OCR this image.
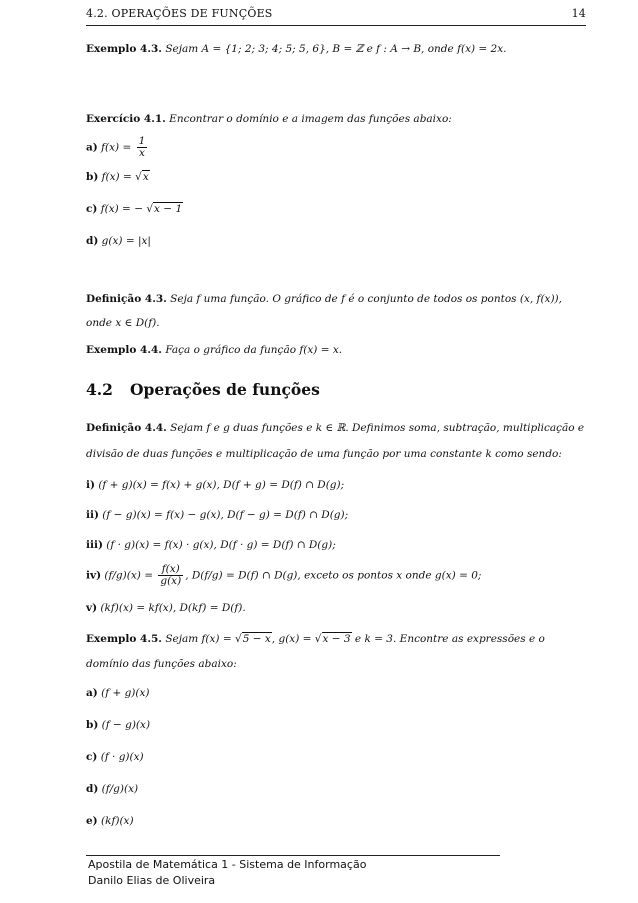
4.2. OPERAÇÕES DE FUNÇÕES	14
Exemplo 4.3. Sejam A = {1; 2; 3; 4; 5; 5, 6}, B = ℤ e f : A → B, onde f(x) = 2x.
Exercício 4.1. Encontrar o domínio e a imagem das funções abaixo:
a) $f(x) = \frac{1}{x}$
b) f(x) = √x
c) f(x) = − √x − 1
d) g(x) = |x|
Definição 4.3. Seja f uma função. O gráfico de f é o conjunto de todos os pontos (x, f(x)),
onde x ∈ D(f).
Exemplo 4.4. Faça o gráfico da função f(x) = x.
4.2 Operações de funções
Definição 4.4. Sejam f e g duas funções e k ∈ ℝ. Definimos soma, subtração, multiplicação e
divisão de duas funções e multiplicação de uma função por uma constante k como sendo:
i) (f + g)(x) = f(x) + g(x), D(f + g) = D(f) ∩ D(g);
ii) (f − g)(x) = f(x) − g(x), D(f − g) = D(f) ∩ D(g);
iii) (f · g)(x) = f(x) · g(x), D(f · g) = D(f) ∩ D(g);
iv) $(f/g)(x) = \frac{f(x)}{g(x)}$ , D(f/g) = D(f) ∩ D(g), exceto os pontos x onde g(x) = 0;
v) (kf)(x) = kf(x), D(kf) = D(f).
Exemplo 4.5. Sejam f(x) = √5 − x, g(x) = √x − 3 e k = 3. Encontre as expressões e o
domínio das funções abaixo:
a) (f + g)(x)
b) (f − g)(x)
c) (f · g)(x)
d) (f/g)(x)
e) (kf)(x)
Apostila de Matemática 1 - Sistema de Informação
Danilo Elias de Oliveira
